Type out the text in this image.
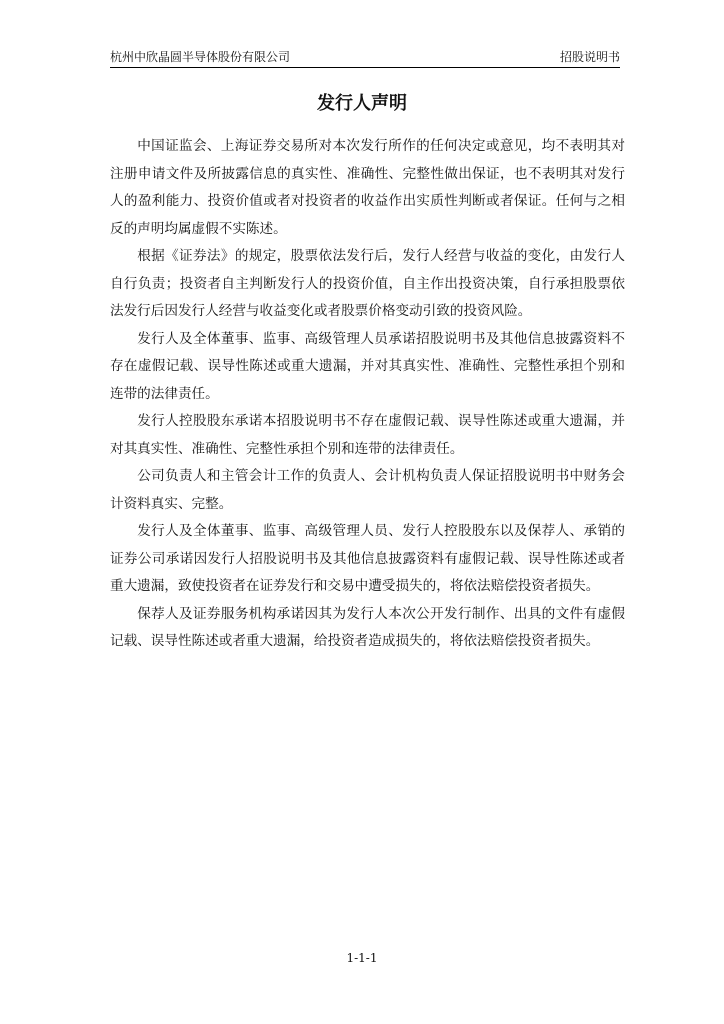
杭州中欣晶圆半导体股份有限公司	招股说明书
发行人声明

中国证监会、上海证券交易所对本次发行所作的任何决定或意见，均不表明其对注册申请文件及所披露信息的真实性、准确性、完整性做出保证，也不表明其对发行人的盈利能力、投资价值或者对投资者的收益作出实质性判断或者保证。任何与之相反的声明均属虚假不实陈述。

根据《证券法》的规定，股票依法发行后，发行人经营与收益的变化，由发行人自行负责；投资者自主判断发行人的投资价值，自主作出投资决策，自行承担股票依法发行后因发行人经营与收益变化或者股票价格变动引致的投资风险。

发行人及全体董事、监事、高级管理人员承诺招股说明书及其他信息披露资料不存在虚假记载、误导性陈述或重大遗漏，并对其真实性、准确性、完整性承担个别和连带的法律责任。

发行人控股股东承诺本招股说明书不存在虚假记载、误导性陈述或重大遗漏，并对其真实性、准确性、完整性承担个别和连带的法律责任。

公司负责人和主管会计工作的负责人、会计机构负责人保证招股说明书中财务会计资料真实、完整。

发行人及全体董事、监事、高级管理人员、发行人控股股东以及保荐人、承销的证券公司承诺因发行人招股说明书及其他信息披露资料有虚假记载、误导性陈述或者重大遗漏，致使投资者在证券发行和交易中遭受损失的，将依法赔偿投资者损失。

保荐人及证券服务机构承诺因其为发行人本次公开发行制作、出具的文件有虚假记载、误导性陈述或者重大遗漏，给投资者造成损失的，将依法赔偿投资者损失。

1-1-1
